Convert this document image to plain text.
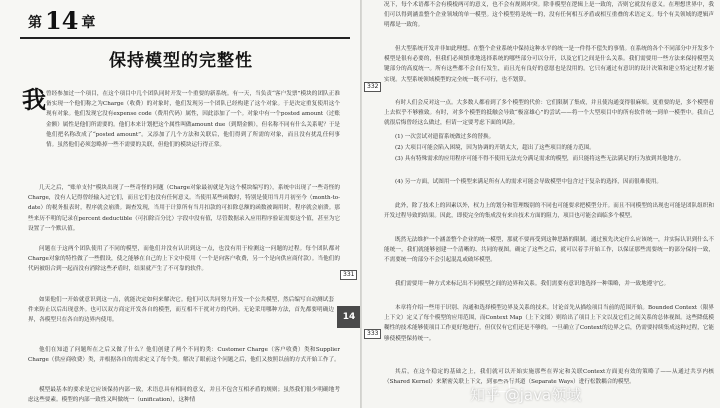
第 14 章
保持模型的完整性
我 曾经参加过一个项目，在这个项目中几个团队同时开发一个重要的新系统。有一天，当负责“客户发票”模块的团队正准备实现一个他们称之为Charge（收费）的对象时，他们发现另一个团队已经构建了这个对象。于是决定重复使用这个现有对象。他们发现它没有expense code（费用代码）属性，因此添加了一个。对象中有一个posted amount（过账金额）属性是他们所需要的。他们本来计划把这个属性叫做amount due（到期金额），但名称不同有什么关系呢？于是他们把名称改成了“posted amount”。又添加了几个方法和关联后，他们得到了所需的对象，而且没有扰乱任何事情。虽然他们必须忽略掉一些不需要的关联，但他们的模块运行得正常。
几天之后，“账单支付”模块出现了一些奇怪的问题（Charge对象最初就是为这个模块编写的），系统中出现了一些奇怪的Charge，没有人记得曾经输入过它们，而且它们也没有任何意义。当使用某些函数时，特别是使用当月月初至今（month-to-date）的税务报表时，程序就会崩溃。调查发现，当用于计算所有当月扣款的可扣除总额的函数被调用时，程序就会崩溃。那些来历不明的记录在percent deductible（可扣除百分比）字段中没有值，尽管数据录入应用程序验证需要这个值，甚至为它设置了一个默认值。
问题在于这两个团队使用了不同的模型，而他们并没有认识到这一点，也没有用于检测这一问题的过程。每个团队都对Charge对象的特性做了一些假设，使之能够在自己的上下文中使用（一个是向客户收费，另一个是向供应商付款）。当他们的代码被组合到一起而没有消除这些矛盾时，结果就产生了不可靠的软件。
如果他们一开始就意识到这一点，就能决定如何来解决它。他们可以共同努力开发一个公共模型，然后编写自动测试套件来防止以后出现意外。也可以双方商定开发各自的模型，而互相不干扰对方的代码。无论采用哪种方法，首先都要明确边界，各模型只在各自的边界内使用。
他们在知道了问题所在之后又做了什么？他们创建了两个不同的类：Customer Charge（客户收费）类和Supplier Charge（供应商收费）类，并根据各自的需求定义了每个类。解决了眼前这个问题之后，他们又按照以前的方式开始工作了。
模型最基本的要求是它应该保持内部一致，术语总具有相同的意义，并且不包含互相矛盾的规则；虽然我们很少明确地考虑这些要素。模型的内部一致性又叫做统一（unification），这种情
331
14
况下，每个术语都不会有模棱两可的意义，也不会有规则冲突。除非模型在逻辑上是一致的，否则它就没有意义。在理想世界中，我们可以得到涵盖整个企业领域的单一模型。这个模型将是统一的，没有任何相互矛盾或相互重叠的术语定义。每个有关领域的逻辑声明都是一致的。
但大型系统开发并非如此理想。在整个企业系统中保持这种水平的统一是一件得不偿失的事情。在系统的各个不同部分中开发多个模型是很有必要的，但我们必须慎重地选择系统的哪些部分可以分开，以及它们之间是什么关系。我们需要用一些方法来保持模型关键部分的高度统一。所有这些都不会自行发生，而且光有良好的意愿也是没用的。它只有通过有意识的设计决策和建立特定过程才能实现。大型系统领域模型的完全统一既不可行，也不划算。
有时人们会反对这一点。大多数人都看到了多个模型的代价：它们限制了集成，并且使沟通变得很麻烦。更重要的是，多个模型看上去似乎不够雅致。有时，对多个模型的抵触会导致“极富雄心”的尝试——将一个大型项目中的所有软件统一到单一模型中。我自己就很后悔曾经这么做过，但请一定要考虑下面的风险。
(1) 一次尝试对遗留系统做过多的替换。
(2) 大项目可能会陷入困境，因为协调的开销太大，超出了这些项目的能力范围。
(3) 具有特殊需求的应用程序可能不得不使用无法充分满足需求的模型，而只能将这些无法满足的行为放到其他地方。
(4) 另一方面，试图用一个模型来满足所有人的需求可能会导致模型中包含过于复杂的选择，因而很难使用。
此外，除了技术上的因素以外，权力上的划分和管理级别的不同也可能要求把模型分开。而且不同模型的出现也可能是团队组织和开发过程导致的结果。因此，即使完全的集成没有来自技术方面的阻力，项目也可能会面临多个模型。
既然无法维护一个涵盖整个企业的统一模型，那就不要再受到这种思路的限制。通过预先决定什么应该统一，并实际认识到什么不能统一，我们就能够创建一个清晰的、共同的视图。确定了这些之后，就可以着手开始工作，以保证那些需要统一的部分保持一致，不需要统一的部分不会引起混乱或破坏模型。
我们需要用一种方式来标记出不同模型之间的边界和关系。我们需要有意识地选择一种策略，并一致地遵守它。
本章将介绍一些用于识别、沟通和选择模型边界及关系的技术。讨论首先从描绘项目当前的范围开始。Bounded Context（限界上下文）定义了每个模型的应用范围，而Context Map（上下文图）则给出了项目上下文以及它们之间关系的总体视图。这些降低模糊性的技术能够使项目工作更好地进行，但仅仅有它们还是不够的。一旦确立了Context的边界之后，仍需要持续集成这种过程，它能够使模型保持统一。
其后，在这个稳定的基础之上，我们就可以开始实施那些在界定和关联Context方面更有效的策略了——从通过共享内核（Shared Kernel）来紧密关联上下文，到那些各行其道（Separate Ways）进行松散耦合的模型。
332
333
知乎 @java领域
